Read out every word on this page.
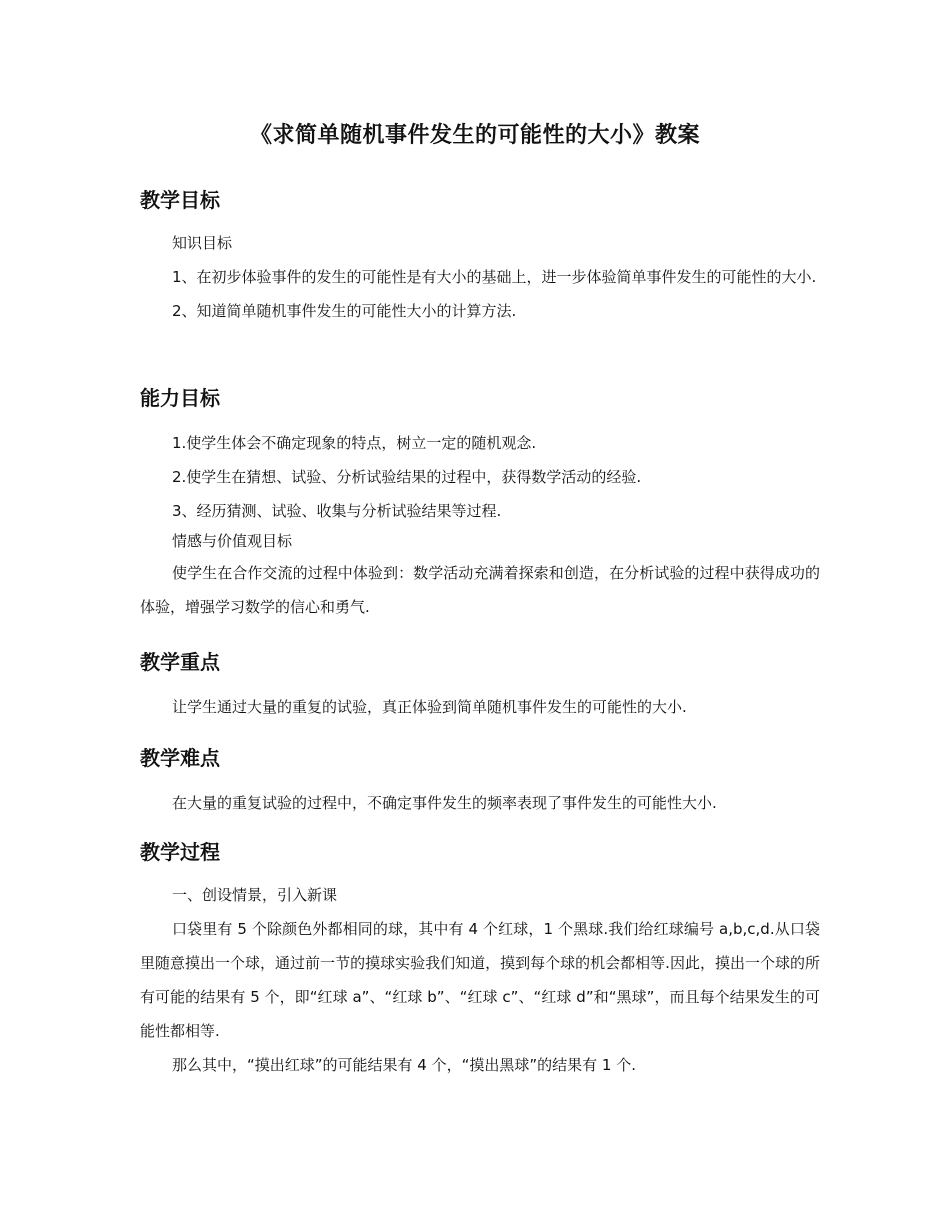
《求简单随机事件发生的可能性的大小》教案
教学目标

知识目标

1、在初步体验事件的发生的可能性是有大小的基础上，进一步体验简单事件发生的可能性的大小.

2、知道简单随机事件发生的可能性大小的计算方法.

能力目标

1.使学生体会不确定现象的特点，树立一定的随机观念.

2.使学生在猜想、试验、分析试验结果的过程中，获得数学活动的经验.

3、经历猜测、试验、收集与分析试验结果等过程.

情感与价值观目标

使学生在合作交流的过程中体验到：数学活动充满着探索和创造，在分析试验的过程中获得成功的体验，增强学习数学的信心和勇气.

教学重点

让学生通过大量的重复的试验，真正体验到简单随机事件发生的可能性的大小.

教学难点

在大量的重复试验的过程中，不确定事件发生的频率表现了事件发生的可能性大小.

教学过程

一、创设情景，引入新课

口袋里有 5 个除颜色外都相同的球，其中有 4 个红球，1 个黑球.我们给红球编号 a,b,c,d.从口袋里随意摸出一个球，通过前一节的摸球实验我们知道，摸到每个球的机会都相等.因此，摸出一个球的所有可能的结果有 5 个，即“红球 a”、“红球 b”、“红球 c”、“红球 d”和“黑球”，而且每个结果发生的可能性都相等.

那么其中，“摸出红球”的可能结果有 4 个，“摸出黑球”的结果有 1 个.
